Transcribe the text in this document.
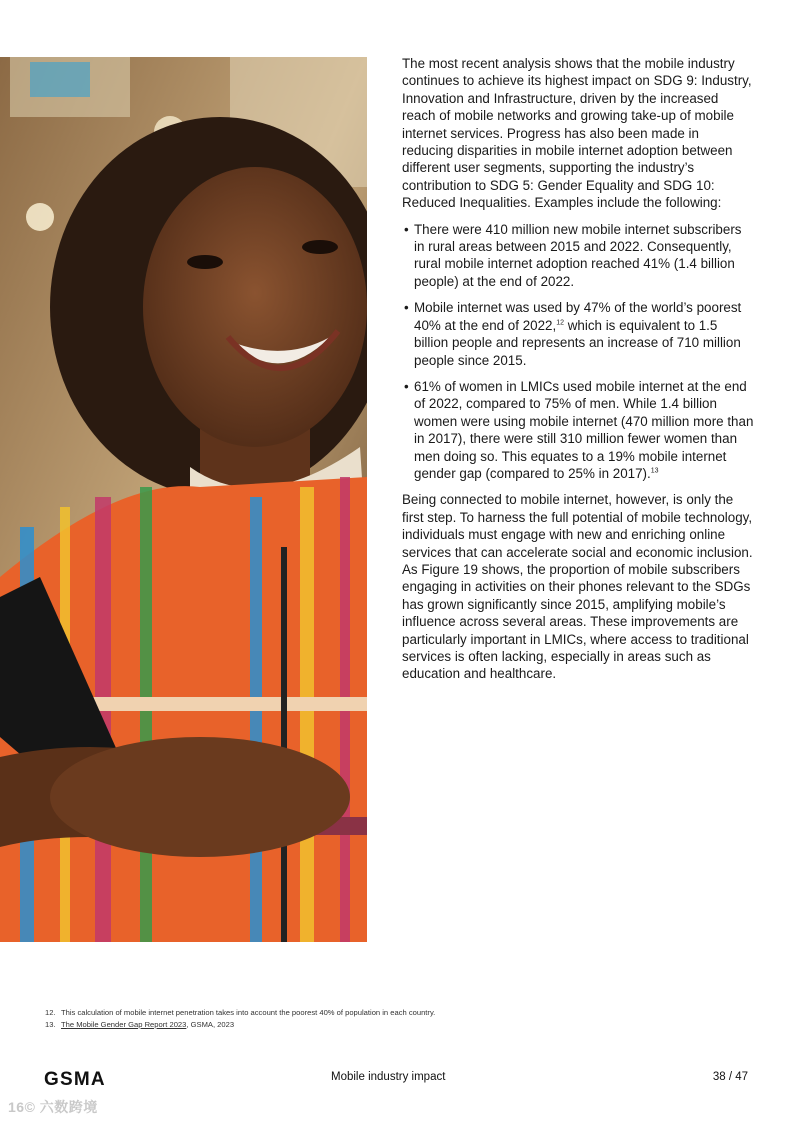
The most recent analysis shows that the mobile industry continues to achieve its highest impact on SDG 9: Industry, Innovation and Infrastructure, driven by the increased reach of mobile networks and growing take-up of mobile internet services. Progress has also been made in reducing disparities in mobile internet adoption between different user segments, supporting the industry’s contribution to SDG 5: Gender Equality and SDG 10: Reduced Inequalities. Examples include the following:

• There were 410 million new mobile internet subscribers in rural areas between 2015 and 2022. Consequently, rural mobile internet adoption reached 41% (1.4 billion people) at the end of 2022.
• Mobile internet was used by 47% of the world’s poorest 40% at the end of 2022,12 which is equivalent to 1.5 billion people and represents an increase of 710 million people since 2015.
• 61% of women in LMICs used mobile internet at the end of 2022, compared to 75% of men. While 1.4 billion women were using mobile internet (470 million more than in 2017), there were still 310 million fewer women than men doing so. This equates to a 19% mobile internet gender gap (compared to 25% in 2017).$^{13}$

Being connected to mobile internet, however, is only the first step. To harness the full potential of mobile technology, individuals must engage with new and enriching online services that can accelerate social and economic inclusion. As Figure 19 shows, the proportion of mobile subscribers engaging in activities on their phones relevant to the SDGs has grown significantly since 2015, amplifying mobile’s influence across several areas. These improvements are particularly important in LMICs, where access to traditional services is often lacking, especially in areas such as education and healthcare.

12. This calculation of mobile internet penetration takes into account the poorest 40% of population in each country.
13. The Mobile Gender Gap Report 2023, GSMA, 2023
GSMA	Mobile industry impact	38 / 47
16© 六数跨境
